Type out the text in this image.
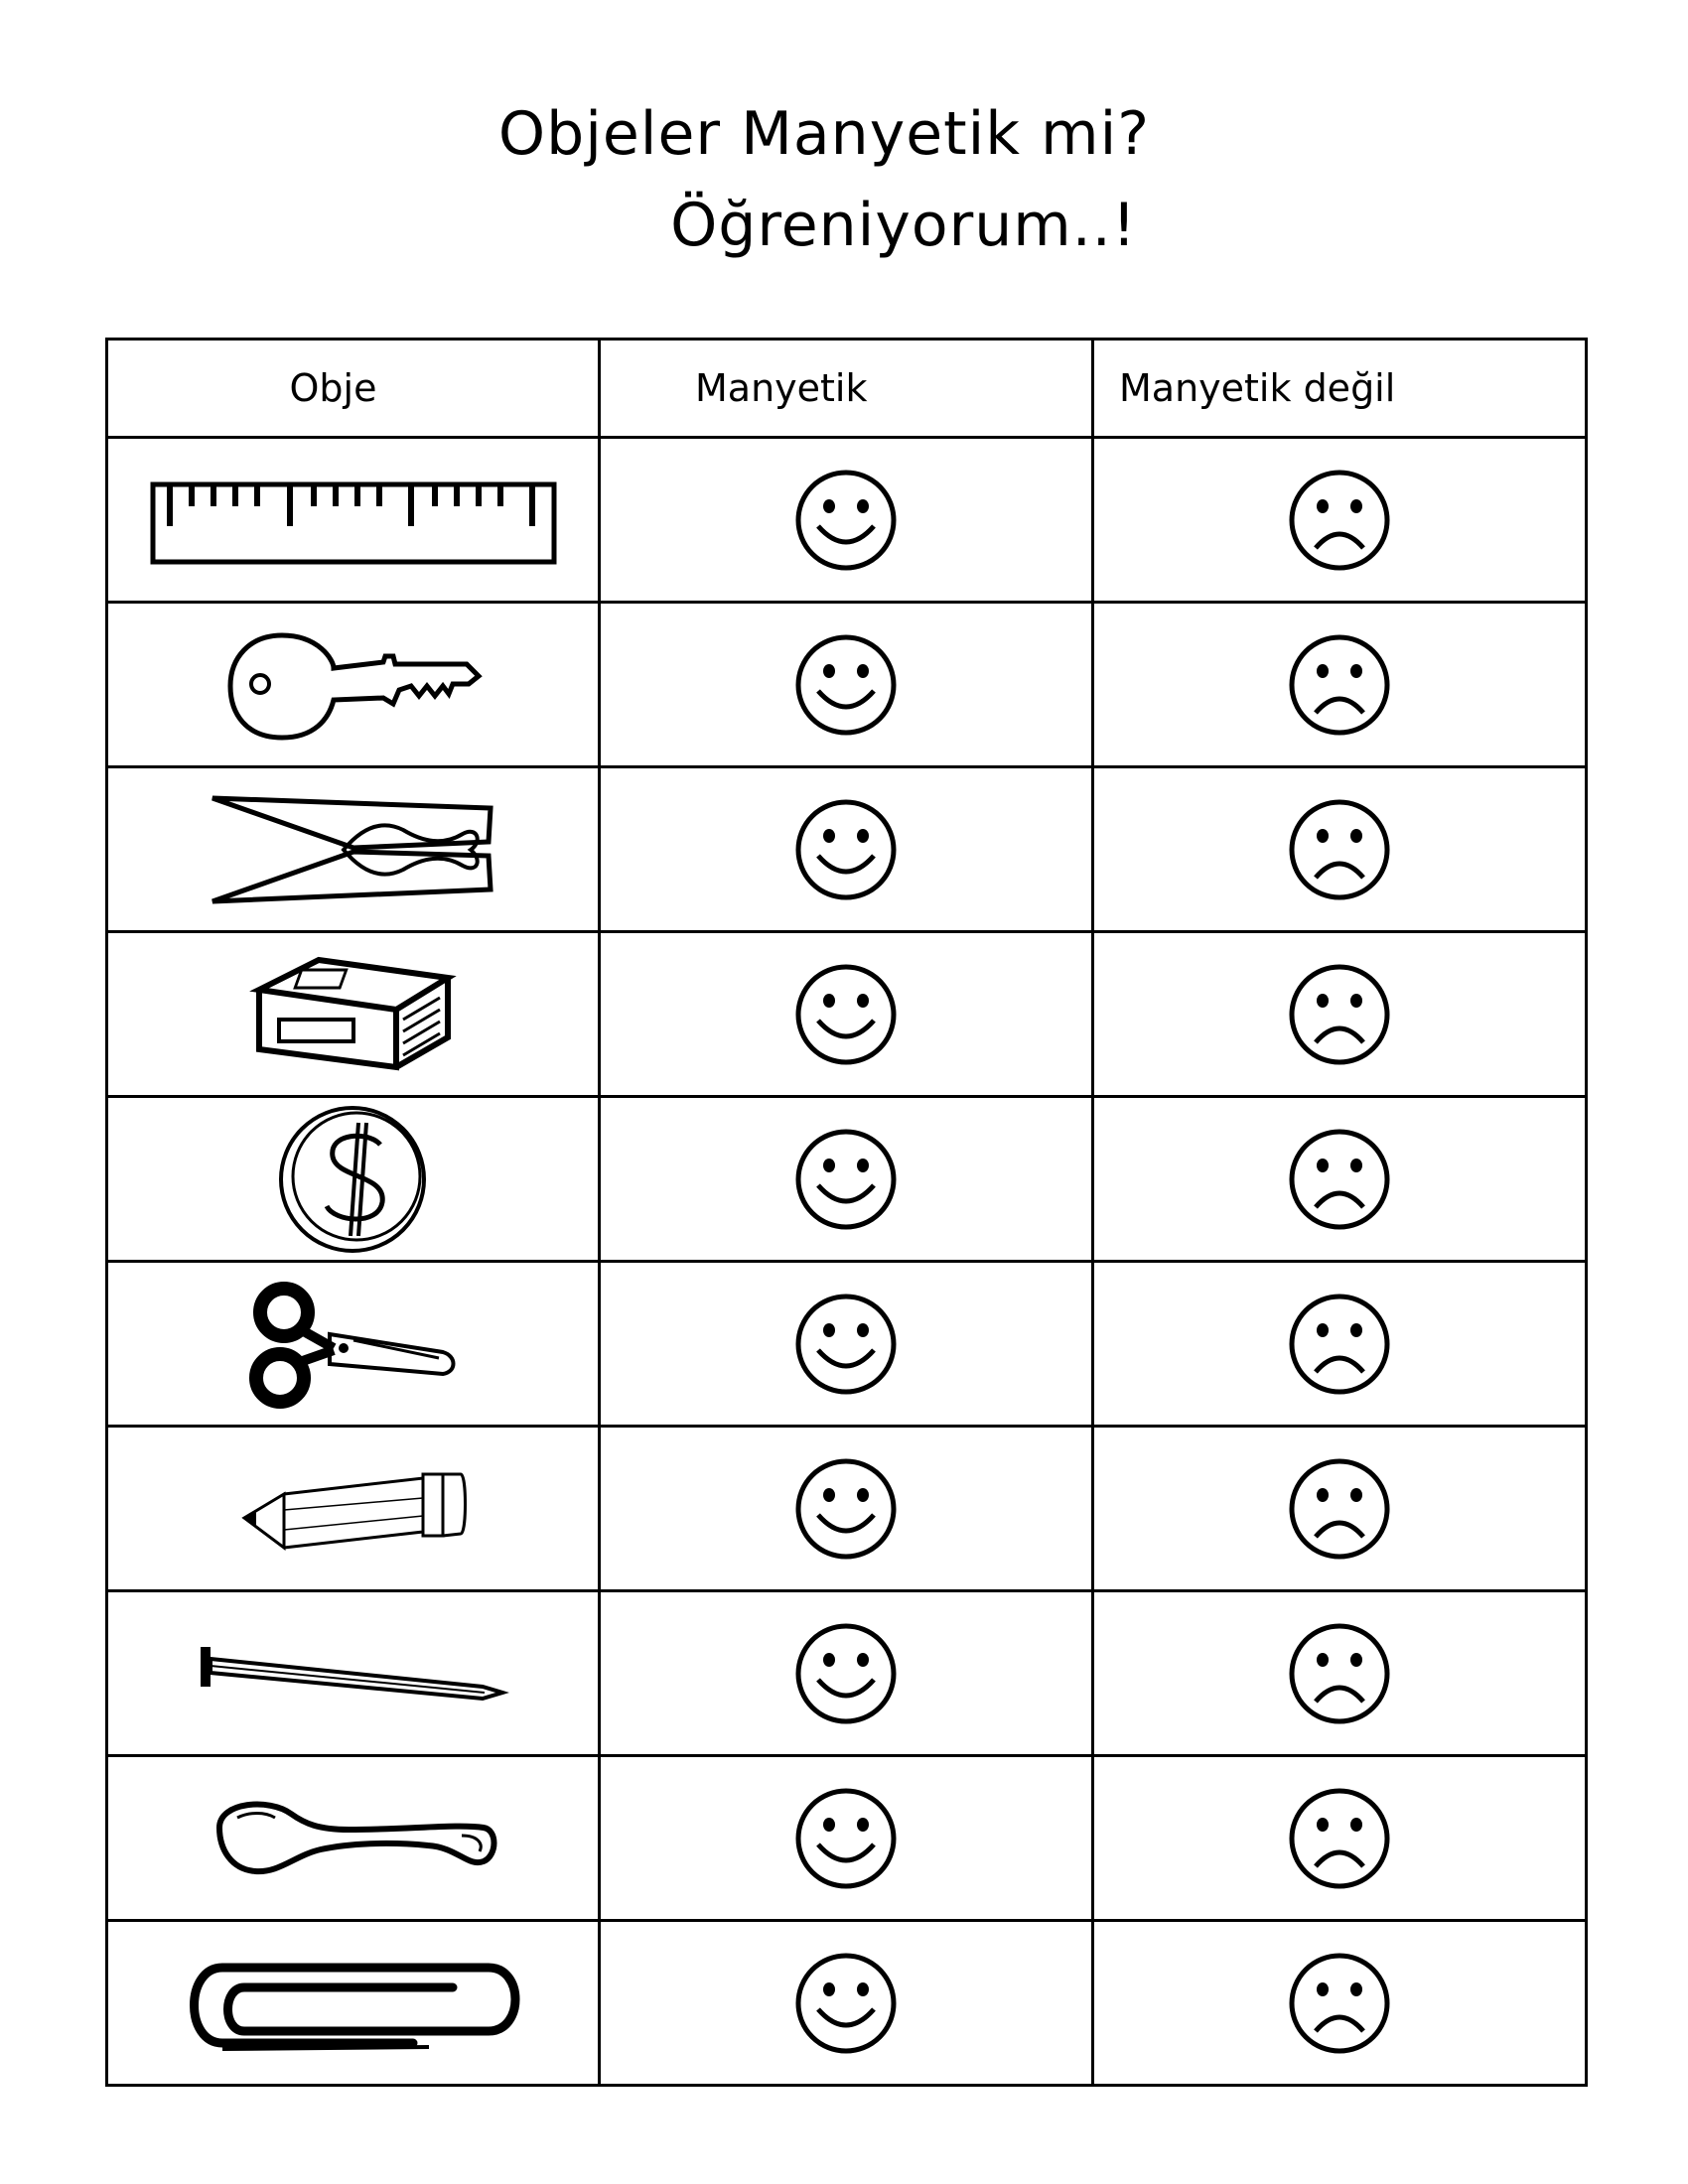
Objeler Manyetik mi?
Öğreniyorum..!
Obje	Manyetik	Manyetik değil
